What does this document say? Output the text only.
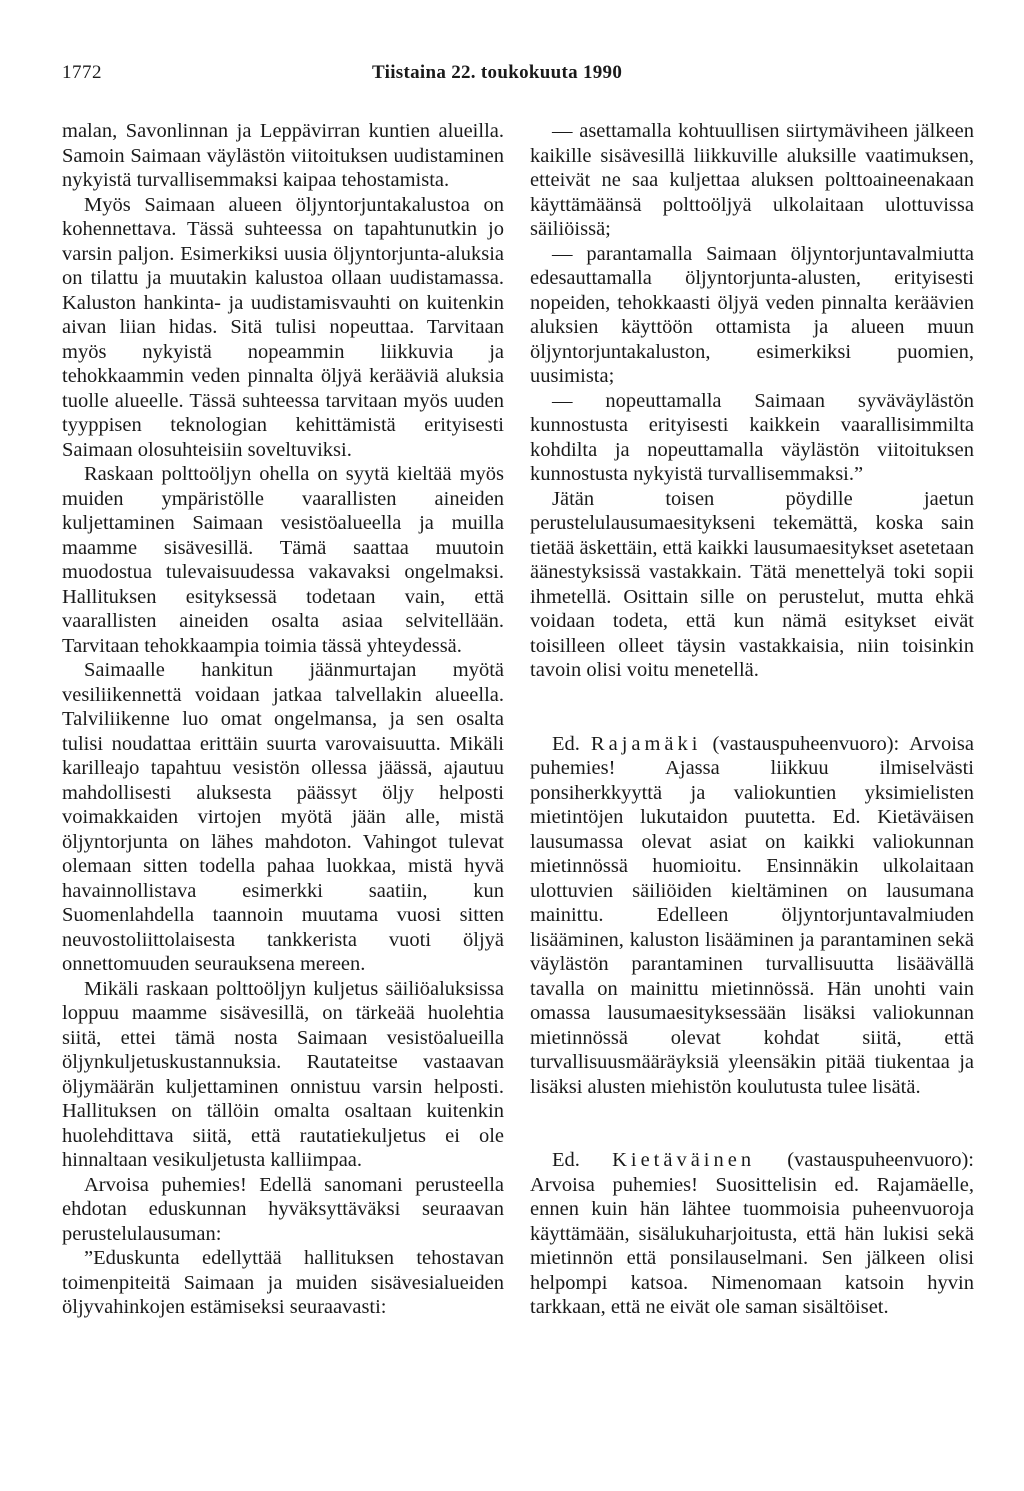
1772	Tiistaina 22. toukokuuta 1990

malan, Savonlinnan ja Leppävirran kuntien alueilla. Samoin Saimaan väylästön viitoituksen uudistaminen nykyistä turvallisemmaksi kaipaa tehostamista.

Myös Saimaan alueen öljyntorjuntakalustoa on kohennettava. Tässä suhteessa on tapahtunutkin jo varsin paljon. Esimerkiksi uusia öljyntorjunta-aluksia on tilattu ja muutakin kalustoa ollaan uudistamassa. Kaluston hankinta- ja uudistamisvauhti on kuitenkin aivan liian hidas. Sitä tulisi nopeuttaa. Tarvitaan myös nykyistä nopeammin liikkuvia ja tehokkaammin veden pinnalta öljyä kerääviä aluksia tuolle alueelle. Tässä suhteessa tarvitaan myös uuden tyyppisen teknologian kehittämistä erityisesti Saimaan olosuhteisiin soveltuviksi.

Raskaan polttoöljyn ohella on syytä kieltää myös muiden ympäristölle vaarallisten aineiden kuljettaminen Saimaan vesistöalueella ja muilla maamme sisävesillä. Tämä saattaa muutoin muodostua tulevaisuudessa vakavaksi ongelmaksi. Hallituksen esityksessä todetaan vain, että vaarallisten aineiden osalta asiaa selvitellään. Tarvitaan tehokkaampia toimia tässä yhteydessä.

Saimaalle hankitun jäänmurtajan myötä vesiliikennettä voidaan jatkaa talvellakin alueella. Talviliikenne luo omat ongelmansa, ja sen osalta tulisi noudattaa erittäin suurta varovaisuutta. Mikäli karilleajo tapahtuu vesistön ollessa jäässä, ajautuu mahdollisesti aluksesta päässyt öljy helposti voimakkaiden virtojen myötä jään alle, mistä öljyntorjunta on lähes mahdoton. Vahingot tulevat olemaan sitten todella pahaa luokkaa, mistä hyvä havainnollistava esimerkki saatiin, kun Suomenlahdella taannoin muutama vuosi sitten neuvostoliittolaisesta tankkerista vuoti öljyä onnettomuuden seurauksena mereen.

Mikäli raskaan polttoöljyn kuljetus säiliöaluksissa loppuu maamme sisävesillä, on tärkeää huolehtia siitä, ettei tämä nosta Saimaan vesistöalueilla öljynkuljetuskustannuksia. Rautateitse vastaavan öljymäärän kuljettaminen onnistuu varsin helposti. Hallituksen on tällöin omalta osaltaan kuitenkin huolehdittava siitä, että rautatiekuljetus ei ole hinnaltaan vesikuljetusta kalliimpaa.

Arvoisa puhemies! Edellä sanomani perusteella ehdotan eduskunnan hyväksyttäväksi seuraavan perustelulausuman:

”Eduskunta edellyttää hallituksen tehostavan toimenpiteitä Saimaan ja muiden sisävesialueiden öljyvahinkojen estämiseksi seuraavasti:

— asettamalla kohtuullisen siirtymäviheen jälkeen kaikille sisävesillä liikkuville aluksille vaatimuksen, etteivät ne saa kuljettaa aluksen polttoaineenakaan käyttämäänsä polttoöljyä ulkolaitaan ulottuvissa säiliöissä;

— parantamalla Saimaan öljyntorjuntavalmiutta edesauttamalla öljyntorjunta-alusten, erityisesti nopeiden, tehokkaasti öljyä veden pinnalta keräävien aluksien käyttöön ottamista ja alueen muun öljyntorjuntakaluston, esimerkiksi puomien, uusimista;

— nopeuttamalla Saimaan syväväylästön kunnostusta erityisesti kaikkein vaarallisimmilta kohdilta ja nopeuttamalla väylästön viitoituksen kunnostusta nykyistä turvallisemmaksi.”

Jätän toisen pöydille jaetun perustelulausumaesitykseni tekemättä, koska sain tietää äskettäin, että kaikki lausumaesitykset asetetaan äänestyksissä vastakkain. Tätä menettelyä toki sopii ihmetellä. Osittain sille on perustelut, mutta ehkä voidaan todeta, että kun nämä esitykset eivät toisilleen olleet täysin vastakkaisia, niin toisinkin tavoin olisi voitu menetellä.

Ed. Rajamäki (vastauspuheenvuoro): Arvoisa puhemies! Ajassa liikkuu ilmiselvästi ponsiherkkyyttä ja valiokuntien yksimielisten mietintöjen lukutaidon puutetta. Ed. Kietäväisen lausumassa olevat asiat on kaikki valiokunnan mietinnössä huomioitu. Ensinnäkin ulkolaitaan ulottuvien säiliöiden kieltäminen on lausumana mainittu. Edelleen öljyntorjuntavalmiuden lisääminen, kaluston lisääminen ja parantaminen sekä väylästön parantaminen turvallisuutta lisäävällä tavalla on mainittu mietinnössä. Hän unohti vain omassa lausumaesityksessään lisäksi valiokunnan mietinnössä olevat kohdat siitä, että turvallisuusmääräyksiä yleensäkin pitää tiukentaa ja lisäksi alusten miehistön koulutusta tulee lisätä.

Ed. Kietäväinen (vastauspuheenvuoro): Arvoisa puhemies! Suosittelisin ed. Rajamäelle, ennen kuin hän lähtee tuommoisia puheenvuoroja käyttämään, sisälukuharjoitusta, että hän lukisi sekä mietinnön että ponsilauselmani. Sen jälkeen olisi helpompi katsoa. Nimenomaan katsoin hyvin tarkkaan, että ne eivät ole saman sisältöiset.
